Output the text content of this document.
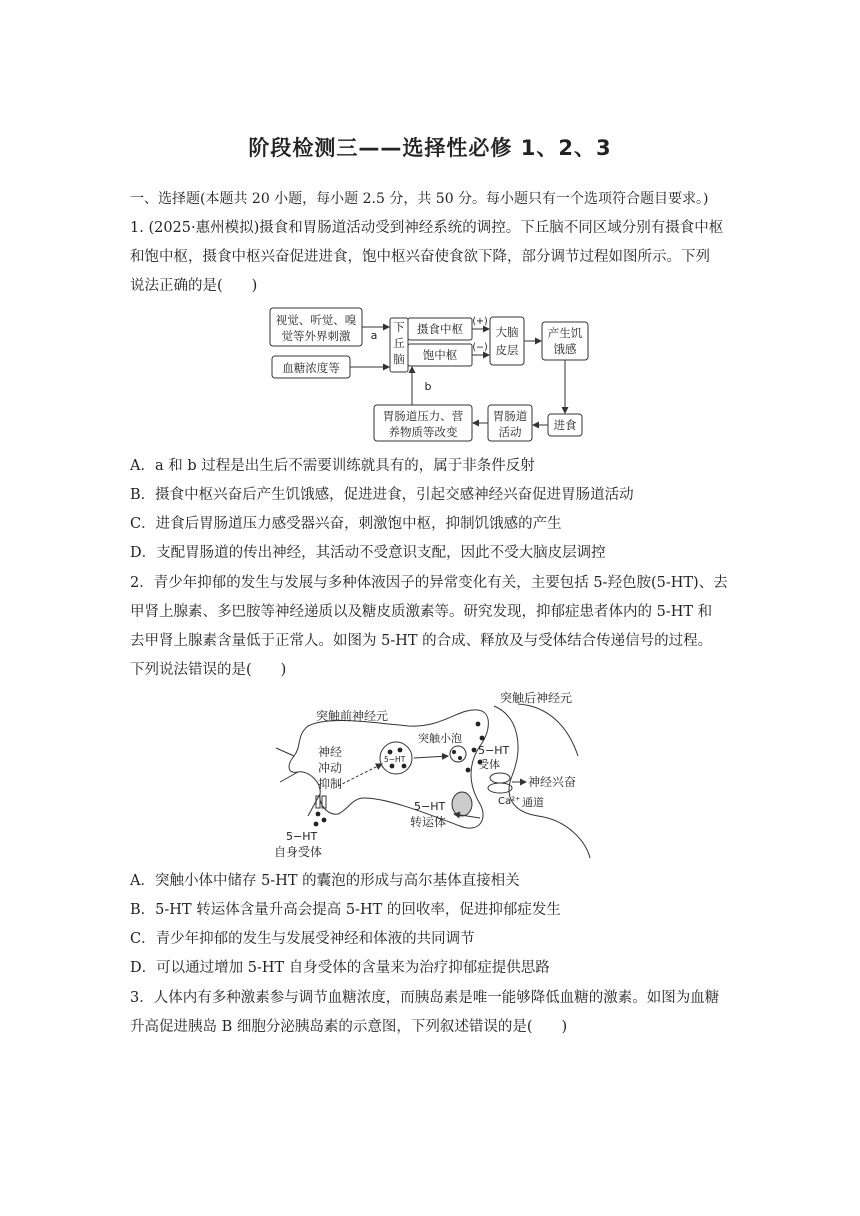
阶段检测三——选择性必修 1、2、3
一、选择题(本题共 20 小题，每小题 2.5 分，共 50 分。每小题只有一个选项符合题目要求。)
1. (2025·惠州模拟)摄食和胃肠道活动受到神经系统的调控。下丘脑不同区域分别有摄食中枢
和饱中枢，摄食中枢兴奋促进进食，饱中枢兴奋使食欲下降，部分调节过程如图所示。下列
说法正确的是(　　)
视觉、听觉、嗅
觉等外界刺激
血糖浓度等
a
b
下
丘
脑
摄食中枢
饱中枢
(+)
(−)
大脑
皮层
产生饥
饿感
进食
胃肠道
活动
胃肠道压力、营
养物质等改变
A．a 和 b 过程是出生后不需要训练就具有的，属于非条件反射
B．摄食中枢兴奋后产生饥饿感，促进进食，引起交感神经兴奋促进胃肠道活动
C．进食后胃肠道压力感受器兴奋，刺激饱中枢，抑制饥饿感的产生
D．支配胃肠道的传出神经，其活动不受意识支配，因此不受大脑皮层调控
2．青少年抑郁的发生与发展与多种体液因子的异常变化有关，主要包括 5-羟色胺(5-HT)、去
甲肾上腺素、多巴胺等神经递质以及糖皮质激素等。研究发现，抑郁症患者体内的 5-HT 和
去甲肾上腺素含量低于正常人。如图为 5-HT 的合成、释放及与受体结合传递信号的过程。
下列说法错误的是(　　)
突触后神经元
突触前神经元
突触小泡
神经
冲动
抑制
5−HT
5−HT
受体
神经兴奋
Ca²⁺ 通道
5−HT
转运体
5−HT
自身受体
A．突触小体中储存 5-HT 的囊泡的形成与高尔基体直接相关
B．5-HT 转运体含量升高会提高 5-HT 的回收率，促进抑郁症发生
C．青少年抑郁的发生与发展受神经和体液的共同调节
D．可以通过增加 5-HT 自身受体的含量来为治疗抑郁症提供思路
3．人体内有多种激素参与调节血糖浓度，而胰岛素是唯一能够降低血糖的激素。如图为血糖
升高促进胰岛 B 细胞分泌胰岛素的示意图，下列叙述错误的是(　　)
